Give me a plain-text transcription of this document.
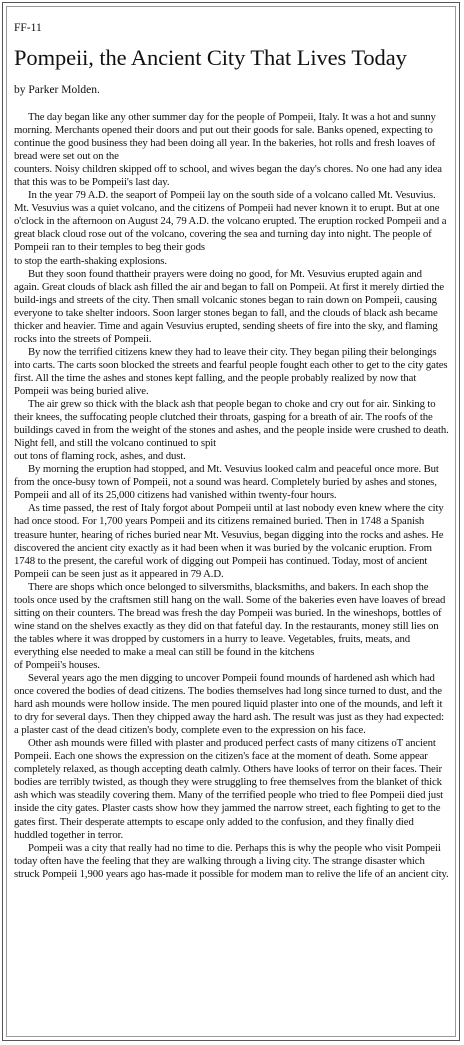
FF-11

Pompeii, the Ancient City That Lives Today

by Parker Molden.

The day began like any other summer day for the people of Pompeii, Italy. It was a hot and sunny morning. Merchants opened their doors and put out their goods for sale. Banks opened, expecting to continue the good business they had been doing all year. In the bakeries, hot rolls and fresh loaves of bread were set out on the
counters. Noisy children skipped off to school, and wives began the day's chores. No one had any idea that this was to be Pompeii's last day.

In the year 79 A.D. the seaport of Pompeii lay on the south side of a volcano called Mt. Vesuvius. Mt. Vesuvius was a quiet volcano, and the citizens of Pompeii had never known it to erupt. But at one o'clock in the afternoon on August 24, 79 A.D. the volcano erupted. The eruption rocked Pompeii and a great black cloud rose out of the volcano, covering the sea and turning day into night. The people of Pompeii ran to their temples to beg their gods
to stop the earth-shaking explosions.

But they soon found thattheir prayers were doing no good, for Mt. Vesuvius erupted again and again. Great clouds of black ash filled the air and began to fall on Pompeii. At first it merely dirtied the build-ings and streets of the city. Then small volcanic stones began to rain down on Pompeii, causing everyone to take shelter indoors. Soon larger stones began to fall, and the clouds of black ash became thicker and heavier. Time and again Vesuvius erupted, sending sheets of fire into the sky, and flaming rocks into the streets of Pompeii.

By now the terrified citizens knew they had to leave their city. They began piling their belongings into carts. The carts soon blocked the streets and fearful people fought each other to get to the city gates first. All the time the ashes and stones kept falling, and the people probably realized by now that Pompeii was being buried alive.

The air grew so thick with the black ash that people began to choke and cry out for air. Sinking to their knees, the suffocating people clutched their throats, gasping for a breath of air. The roofs of the buildings caved in from the weight of the stones and ashes, and the people inside were crushed to death. Night fell, and still the volcano continued to spit
out tons of flaming rock, ashes, and dust.

By morning the eruption had stopped, and Mt. Vesuvius looked calm and peaceful once more. But from the once-busy town of Pompeii, not a sound was heard. Completely buried by ashes and stones, Pompeii and all of its 25,000 citizens had vanished within twenty-four hours.

As time passed, the rest of Italy forgot about Pompeii until at last nobody even knew where the city had once stood. For 1,700 years Pompeii and its citizens remained buried. Then in 1748 a Spanish treasure hunter, hearing of riches buried near Mt. Vesuvius, began digging into the rocks and ashes. He discovered the ancient city exactly as it had been when it was buried by the volcanic eruption. From 1748 to the present, the careful work of digging out Pompeii has continued. Today, most of ancient Pompeii can be seen just as it appeared in 79 A.D.

There are shops which once belonged to silversmiths, blacksmiths, and bakers. In each shop the tools once used by the craftsmen still hang on the wall. Some of the bakeries even have loaves of bread sitting on their counters. The bread was fresh the day Pompeii was buried. In the wineshops, bottles of wine stand on the shelves exactly as they did on that fateful day. In the restaurants, money still lies on the tables where it was dropped by customers in a hurry to leave. Vegetables, fruits, meats, and everything else needed to make a meal can still be found in the kitchens
of Pompeii's houses.

Several years ago the men digging to uncover Pompeii found mounds of hardened ash which had once covered the bodies of dead citizens. The bodies themselves had long since turned to dust, and the hard ash mounds were hollow inside. The men poured liquid plaster into one of the mounds, and left it to dry for several days. Then they chipped away the hard ash. The result was just as they had expected: a plaster cast of the dead citizen's body, complete even to the expression on his face.

Other ash mounds were filled with plaster and produced perfect casts of many citizens oT ancient Pompeii. Each one shows the expression on the citizen's face at the moment of death. Some appear completely relaxed, as though accepting death calmly. Others have looks of terror on their faces. Their bodies are terribly twisted, as though they were struggling to free themselves from the blanket of thick ash which was steadily covering them. Many of the terrified people who tried to flee Pompeii died just inside the city gates. Plaster casts show how they jammed the narrow street, each fighting to get to the gates first. Their desperate attempts to escape only added to the confusion, and they finally died huddled together in terror.

Pompeii was a city that really had no time to die. Perhaps this is why the people who visit Pompeii today often have the feeling that they are walking through a living city. The strange disaster which struck Pompeii 1,900 years ago has-made it possible for modem man to relive the life of an ancient city.
